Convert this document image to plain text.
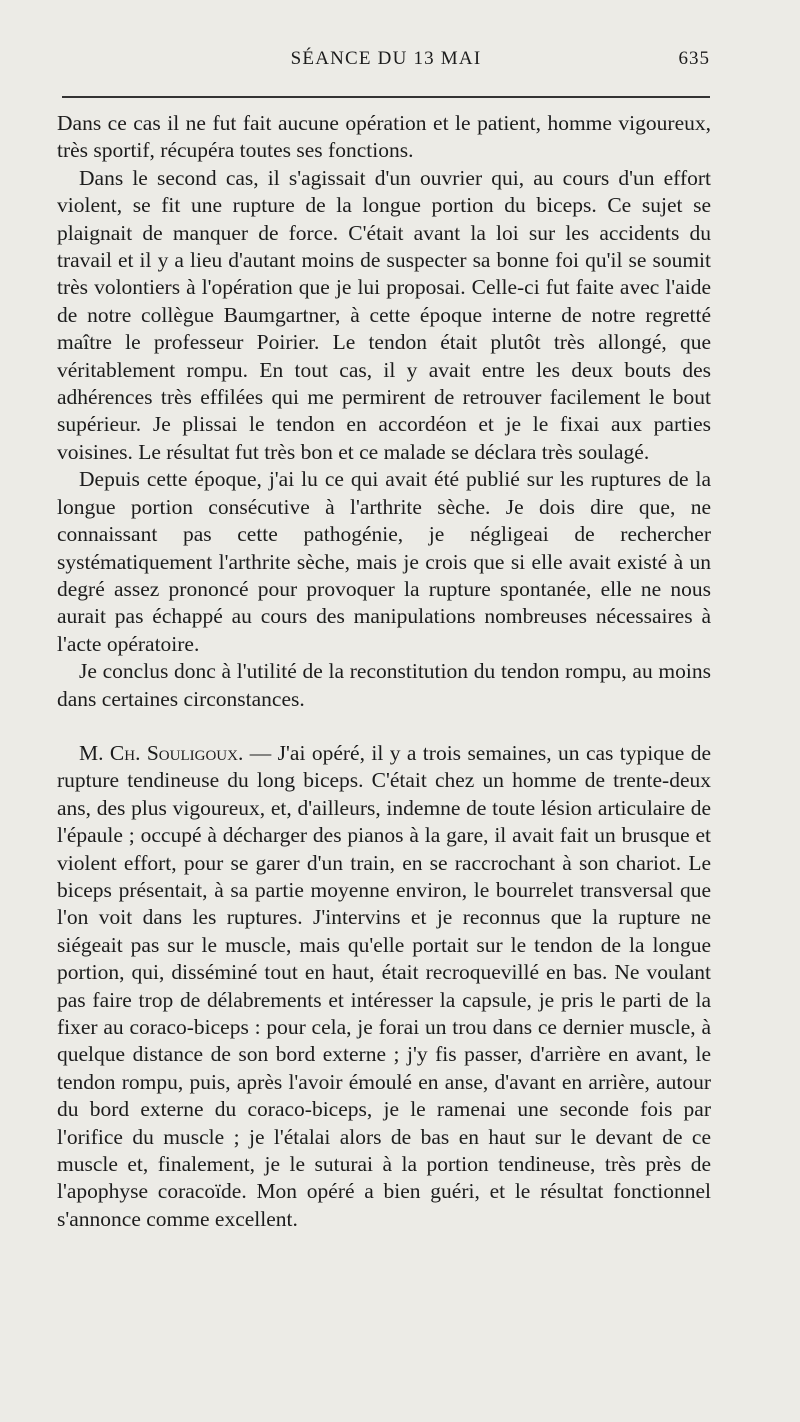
SÉANCE DU 13 MAI	635

Dans ce cas il ne fut fait aucune opération et le patient, homme vigoureux, très sportif, récupéra toutes ses fonctions.

Dans le second cas, il s'agissait d'un ouvrier qui, au cours d'un effort violent, se fit une rupture de la longue portion du biceps. Ce sujet se plaignait de manquer de force. C'était avant la loi sur les accidents du travail et il y a lieu d'autant moins de suspecter sa bonne foi qu'il se soumit très volontiers à l'opération que je lui proposai. Celle-ci fut faite avec l'aide de notre collègue Baumgartner, à cette époque interne de notre regretté maître le professeur Poirier. Le tendon était plutôt très allongé, que véritablement rompu. En tout cas, il y avait entre les deux bouts des adhérences très effilées qui me permirent de retrouver facilement le bout supérieur. Je plissai le tendon en accordéon et je le fixai aux parties voisines. Le résultat fut très bon et ce malade se déclara très soulagé.

Depuis cette époque, j'ai lu ce qui avait été publié sur les ruptures de la longue portion consécutive à l'arthrite sèche. Je dois dire que, ne connaissant pas cette pathogénie, je négligeai de rechercher systématiquement l'arthrite sèche, mais je crois que si elle avait existé à un degré assez prononcé pour provoquer la rupture spontanée, elle ne nous aurait pas échappé au cours des manipulations nombreuses nécessaires à l'acte opératoire.

Je conclus donc à l'utilité de la reconstitution du tendon rompu, au moins dans certaines circonstances.

M. Ch. Souligoux. — J'ai opéré, il y a trois semaines, un cas typique de rupture tendineuse du long biceps. C'était chez un homme de trente-deux ans, des plus vigoureux, et, d'ailleurs, indemne de toute lésion articulaire de l'épaule ; occupé à décharger des pianos à la gare, il avait fait un brusque et violent effort, pour se garer d'un train, en se raccrochant à son chariot. Le biceps présentait, à sa partie moyenne environ, le bourrelet transversal que l'on voit dans les ruptures. J'intervins et je reconnus que la rupture ne siégeait pas sur le muscle, mais qu'elle portait sur le tendon de la longue portion, qui, disséminé tout en haut, était recroquevillé en bas. Ne voulant pas faire trop de délabrements et intéresser la capsule, je pris le parti de la fixer au coraco-biceps : pour cela, je forai un trou dans ce dernier muscle, à quelque distance de son bord externe ; j'y fis passer, d'arrière en avant, le tendon rompu, puis, après l'avoir émoulé en anse, d'avant en arrière, autour du bord externe du coraco-biceps, je le ramenai une seconde fois par l'orifice du muscle ; je l'étalai alors de bas en haut sur le devant de ce muscle et, finalement, je le suturai à la portion tendineuse, très près de l'apophyse coracoïde. Mon opéré a bien guéri, et le résultat fonctionnel s'annonce comme excellent.
